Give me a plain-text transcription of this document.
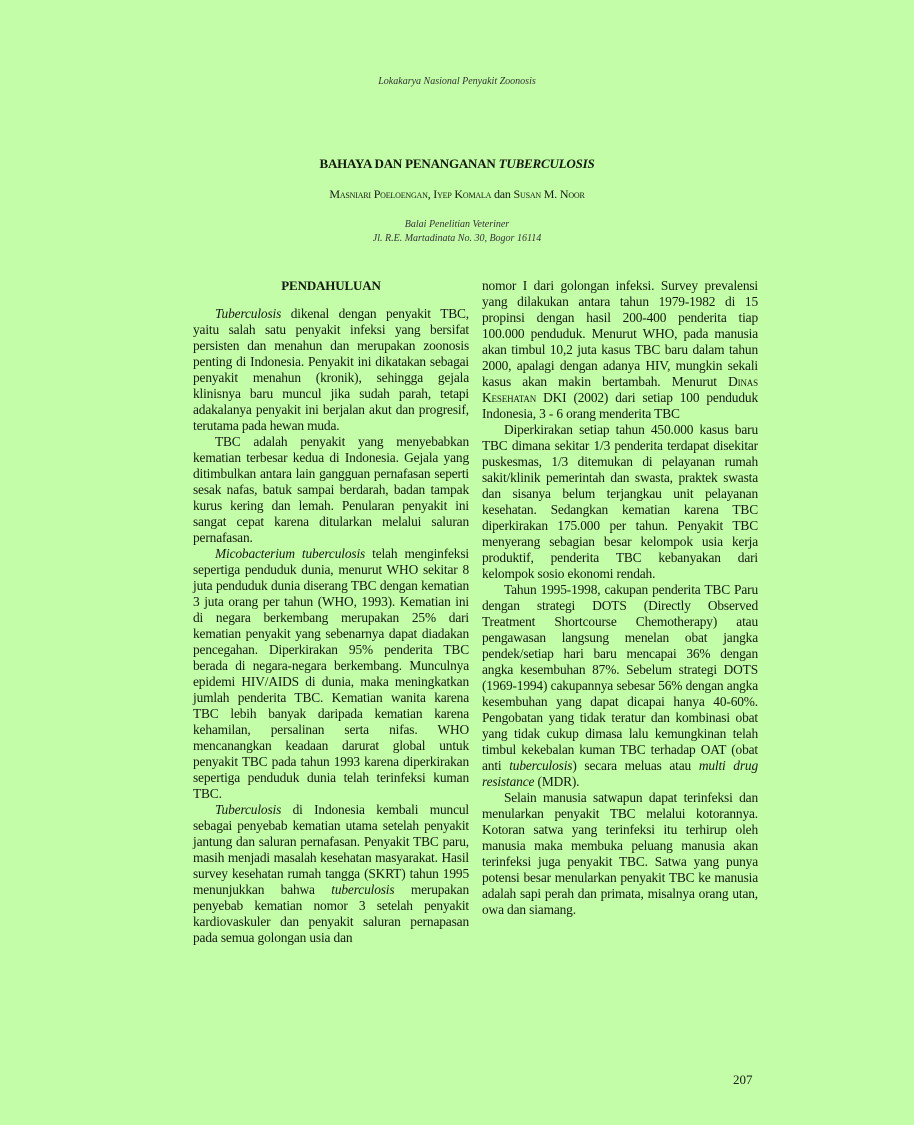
Lokakarya Nasional Penyakit Zoonosis
BAHAYA DAN PENANGANAN TUBERCULOSIS
Masniari Poeloengan, Iyep Komala dan Susan M. Noor
Balai Penelitian Veteriner
Jl. R.E. Martadinata No. 30, Bogor 16114
PENDAHULUAN

Tuberculosis dikenal dengan penyakit TBC, yaitu salah satu penyakit infeksi yang bersifat persisten dan menahun dan merupakan zoonosis penting di Indonesia. Penyakit ini dikatakan sebagai penyakit menahun (kronik), sehingga gejala klinisnya baru muncul jika sudah parah, tetapi adakalanya penyakit ini berjalan akut dan progresif, terutama pada hewan muda.

TBC adalah penyakit yang menyebabkan kematian terbesar kedua di Indonesia. Gejala yang ditimbulkan antara lain gangguan pernafasan seperti sesak nafas, batuk sampai berdarah, badan tampak kurus kering dan lemah. Penularan penyakit ini sangat cepat karena ditularkan melalui saluran pernafasan.

Micobacterium tuberculosis telah menginfeksi sepertiga penduduk dunia, menurut WHO sekitar 8 juta penduduk dunia diserang TBC dengan kematian 3 juta orang per tahun (WHO, 1993). Kematian ini di negara berkembang merupakan 25% dari kematian penyakit yang sebenarnya dapat diadakan pencegahan. Diperkirakan 95% penderita TBC berada di negara-negara berkembang. Munculnya epidemi HIV/AIDS di dunia, maka meningkatkan jumlah penderita TBC. Kematian wanita karena TBC lebih banyak daripada kematian karena kehamilan, persalinan serta nifas. WHO mencanangkan keadaan darurat global untuk penyakit TBC pada tahun 1993 karena diperkirakan sepertiga penduduk dunia telah terinfeksi kuman TBC.

Tuberculosis di Indonesia kembali muncul sebagai penyebab kematian utama setelah penyakit jantung dan saluran pernafasan. Penyakit TBC paru, masih menjadi masalah kesehatan masyarakat. Hasil survey kesehatan rumah tangga (SKRT) tahun 1995 menunjukkan bahwa tuberculosis merupakan penyebab kematian nomor 3 setelah penyakit kardiovaskuler dan penyakit saluran pernapasan pada semua golongan usia dan

nomor I dari golongan infeksi. Survey prevalensi yang dilakukan antara tahun 1979-1982 di 15 propinsi dengan hasil 200-400 penderita tiap 100.000 penduduk. Menurut WHO, pada manusia akan timbul 10,2 juta kasus TBC baru dalam tahun 2000, apalagi dengan adanya HIV, mungkin sekali kasus akan makin bertambah. Menurut Dinas Kesehatan DKI (2002) dari setiap 100 penduduk Indonesia, 3 - 6 orang menderita TBC

Diperkirakan setiap tahun 450.000 kasus baru TBC dimana sekitar 1/3 penderita terdapat disekitar puskesmas, 1/3 ditemukan di pelayanan rumah sakit/klinik pemerintah dan swasta, praktek swasta dan sisanya belum terjangkau unit pelayanan kesehatan. Sedangkan kematian karena TBC diperkirakan 175.000 per tahun. Penyakit TBC menyerang sebagian besar kelompok usia kerja produktif, penderita TBC kebanyakan dari kelompok sosio ekonomi rendah.

Tahun 1995-1998, cakupan penderita TBC Paru dengan strategi DOTS (Directly Observed Treatment Shortcourse Chemotherapy) atau pengawasan langsung menelan obat jangka pendek/setiap hari baru mencapai 36% dengan angka kesembuhan 87%. Sebelum strategi DOTS (1969-1994) cakupannya sebesar 56% dengan angka kesembuhan yang dapat dicapai hanya 40-60%. Pengobatan yang tidak teratur dan kombinasi obat yang tidak cukup dimasa lalu kemungkinan telah timbul kekebalan kuman TBC terhadap OAT (obat anti tuberculosis) secara meluas atau multi drug resistance (MDR).

Selain manusia satwapun dapat terinfeksi dan menularkan penyakit TBC melalui kotorannya. Kotoran satwa yang terinfeksi itu terhirup oleh manusia maka membuka peluang manusia akan terinfeksi juga penyakit TBC. Satwa yang punya potensi besar menularkan penyakit TBC ke manusia adalah sapi perah dan primata, misalnya orang utan, owa dan siamang.

207
